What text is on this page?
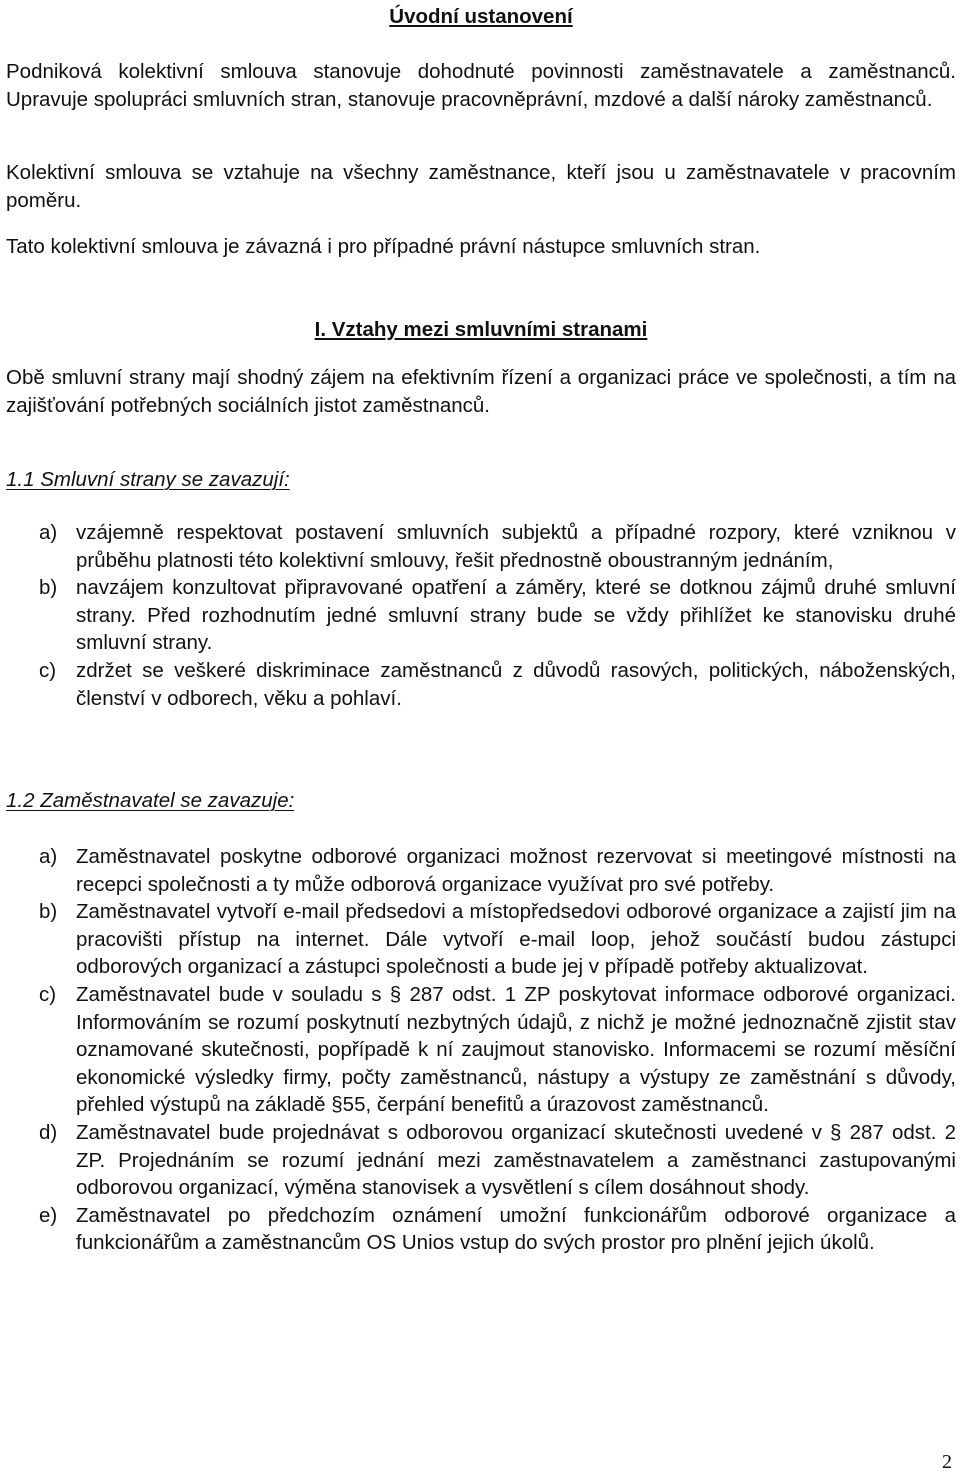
Úvodní ustanovení

Podniková kolektivní smlouva stanovuje dohodnuté povinnosti zaměstnavatele a zaměstnanců. Upravuje spolupráci smluvních stran, stanovuje pracovněprávní, mzdové a další nároky zaměstnanců.

Kolektivní smlouva se vztahuje na všechny zaměstnance, kteří jsou u zaměstnavatele v pracovním poměru.

Tato kolektivní smlouva je závazná i pro případné právní nástupce smluvních stran.

I. Vztahy mezi smluvními stranami

Obě smluvní strany mají shodný zájem na efektivním řízení a organizaci práce ve společnosti, a tím na zajišťování potřebných sociálních jistot zaměstnanců.

1.1 Smluvní strany se zavazují:

a) vzájemně respektovat postavení smluvních subjektů a případné rozpory, které vzniknou v průběhu platnosti této kolektivní smlouvy, řešit přednostně oboustranným jednáním,
b) navzájem konzultovat připravované opatření a záměry, které se dotknou zájmů druhé smluvní strany. Před rozhodnutím jedné smluvní strany bude se vždy přihlížet ke stanovisku druhé smluvní strany.
c) zdržet se veškeré diskriminace zaměstnanců z důvodů rasových, politických, náboženských, členství v odborech, věku a pohlaví.

1.2 Zaměstnavatel se zavazuje:

a) Zaměstnavatel poskytne odborové organizaci možnost rezervovat si meetingové místnosti na recepci společnosti a ty může odborová organizace využívat pro své potřeby.
b) Zaměstnavatel vytvoří e-mail předsedovi a místopředsedovi odborové organizace a zajistí jim na pracovišti přístup na internet. Dále vytvoří e-mail loop, jehož součástí budou zástupci odborových organizací a zástupci společnosti a bude jej v případě potřeby aktualizovat.
c) Zaměstnavatel bude v souladu s § 287 odst. 1 ZP poskytovat informace odborové organizaci. Informováním se rozumí poskytnutí nezbytných údajů, z nichž je možné jednoznačně zjistit stav oznamované skutečnosti, popřípadě k ní zaujmout stanovisko. Informacemi se rozumí měsíční ekonomické výsledky firmy, počty zaměstnanců, nástupy a výstupy ze zaměstnání s důvody, přehled výstupů na základě §55, čerpání benefitů a úrazovost zaměstnanců.
d) Zaměstnavatel bude projednávat s odborovou organizací skutečnosti uvedené v § 287 odst. 2 ZP. Projednáním se rozumí jednání mezi zaměstnavatelem a zaměstnanci zastupovanými odborovou organizací, výměna stanovisek a vysvětlení s cílem dosáhnout shody.
e) Zaměstnavatel po předchozím oznámení umožní funkcionářům odborové organizace a funkcionářům a zaměstnancům OS Unios vstup do svých prostor pro plnění jejich úkolů.
2
